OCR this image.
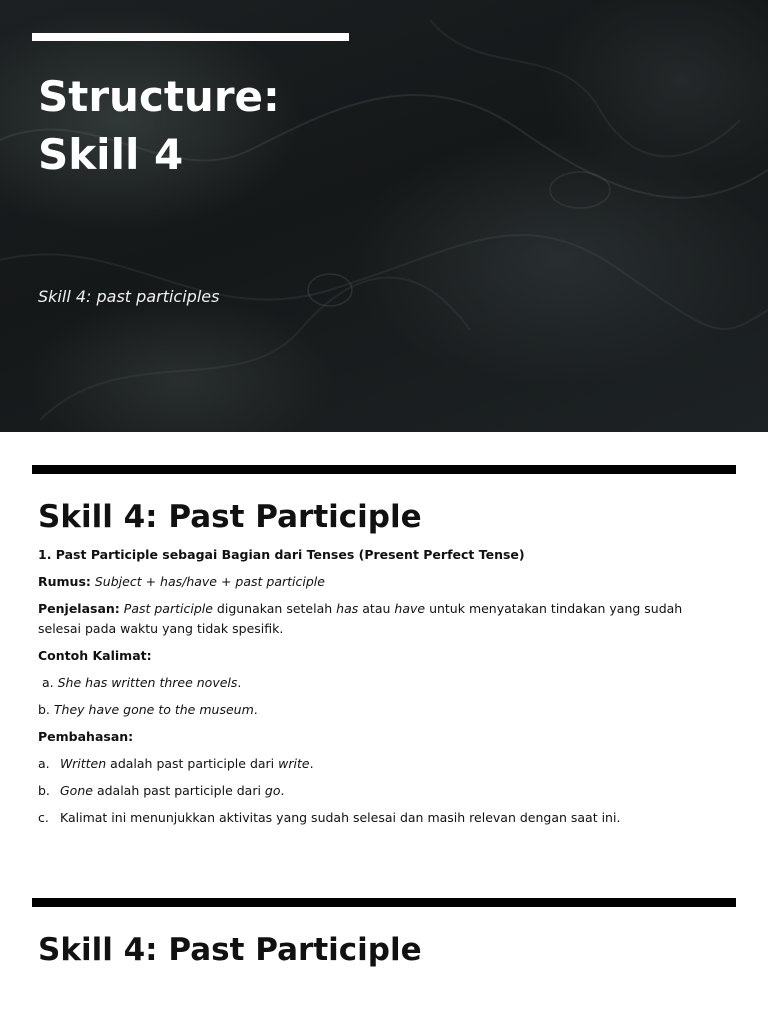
Structure:
Skill 4

Skill 4: past participles

Skill 4: Past Participle

1. Past Participle sebagai Bagian dari Tenses (Present Perfect Tense)

Rumus: Subject + has/have + past participle

Penjelasan: Past participle digunakan setelah has atau have untuk menyatakan tindakan yang sudah selesai pada waktu yang tidak spesifik.

Contoh Kalimat:

a. She has written three novels.

b. They have gone to the museum.

Pembahasan:

a. Written adalah past participle dari write.
b. Gone adalah past participle dari go.
c. Kalimat ini menunjukkan aktivitas yang sudah selesai dan masih relevan dengan saat ini.
Skill 4: Past Participle
